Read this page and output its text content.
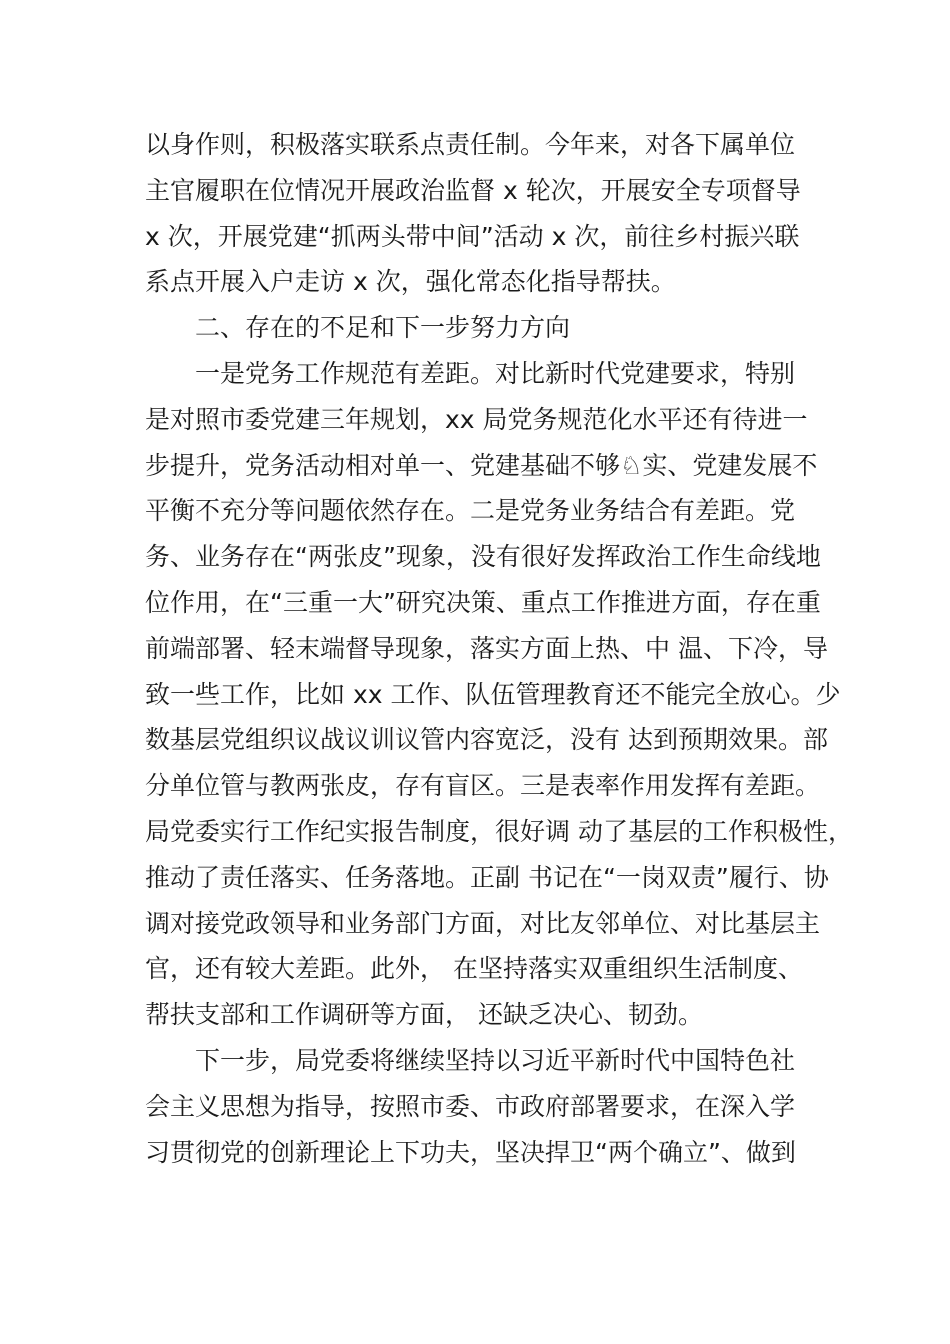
以身作则，积极落实联系点责任制。今年来，对各下属单位
主官履职在位情况开展政治监督 x 轮次，开展安全专项督导
x 次，开展党建“抓两头带中间”活动 x 次，前往乡村振兴联
系点开展入户走访 x 次，强化常态化指导帮扶。
二、存在的不足和下一步努力方向
一是党务工作规范有差距。对比新时代党建要求，特别
是对照市委党建三年规划，xx 局党务规范化水平还有待进一
步提升，党务活动相对单一、党建基础不够♘实、党建发展不
平衡不充分等问题依然存在。二是党务业务结合有差距。党
务、业务存在“两张皮”现象，没有很好发挥政治工作生命线地
位作用，在“三重一大”研究决策、重点工作推进方面，存在重
前端部署、轻末端督导现象，落实方面上热、中 温、下冷，导
致一些工作，比如 xx 工作、队伍管理教育还不能完全放心。少
数基层党组织议战议训议管内容宽泛，没有 达到预期效果。部
分单位管与教两张皮，存有盲区。三是表率作用发挥有差距。
局党委实行工作纪实报告制度，很好调 动了基层的工作积极性，
推动了责任落实、任务落地。正副 书记在“一岗双责”履行、协
调对接党政领导和业务部门方面，对比友邻单位、对比基层主
官，还有较大差距。此外， 在坚持落实双重组织生活制度、
帮扶支部和工作调研等方面， 还缺乏决心、韧劲。
下一步，局党委将继续坚持以习近平新时代中国特色社
会主义思想为指导，按照市委、市政府部署要求，在深入学
习贯彻党的创新理论上下功夫，坚决捍卫“两个确立”、做到
